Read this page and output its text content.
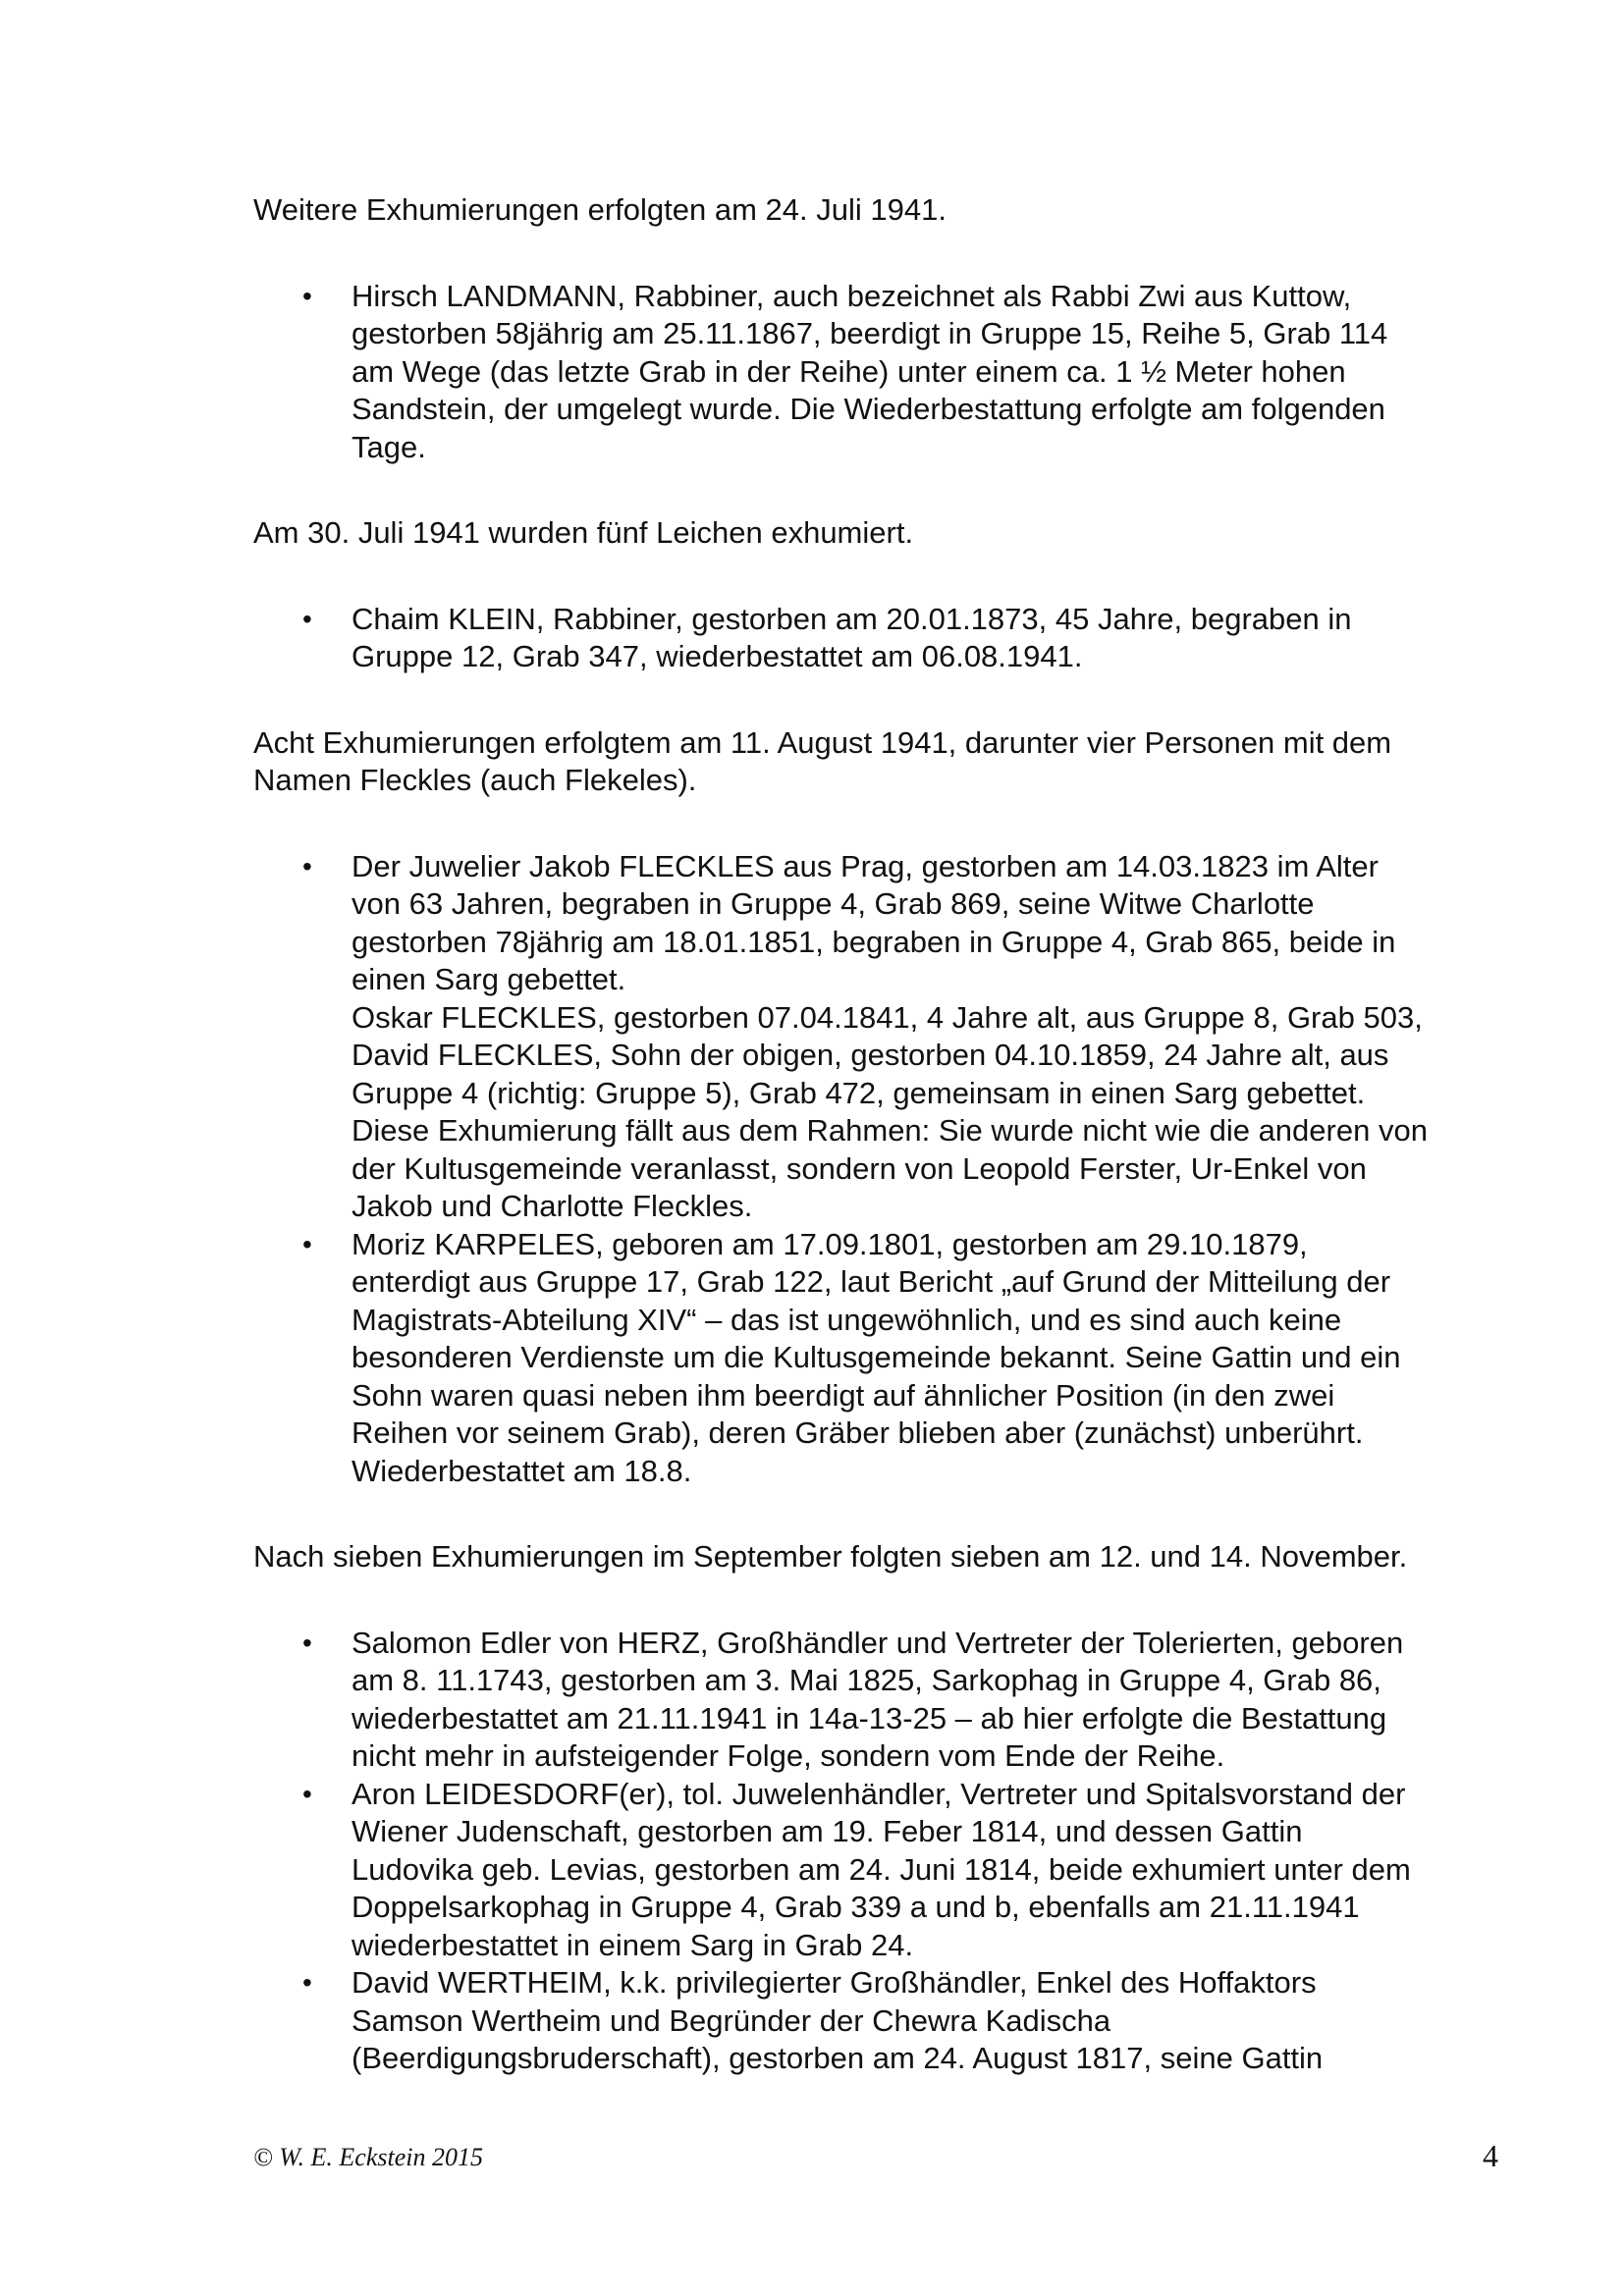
Weitere Exhumierungen erfolgten am 24. Juli 1941.

• Hirsch LANDMANN, Rabbiner, auch bezeichnet als Rabbi Zwi aus Kuttow,
gestorben 58jährig am 25.11.1867, beerdigt in Gruppe 15, Reihe 5, Grab 114
am Wege (das letzte Grab in der Reihe) unter einem ca. 1 ½ Meter hohen
Sandstein, der umgelegt wurde. Die Wiederbestattung erfolgte am folgenden
Tage.

Am 30. Juli 1941 wurden fünf Leichen exhumiert.

• Chaim KLEIN, Rabbiner, gestorben am 20.01.1873, 45 Jahre, begraben in
Gruppe 12, Grab 347, wiederbestattet am 06.08.1941.

Acht Exhumierungen erfolgtem am 11. August 1941, darunter vier Personen mit dem
Namen Fleckles (auch Flekeles).

• Der Juwelier Jakob FLECKLES aus Prag, gestorben am 14.03.1823 im Alter
von 63 Jahren, begraben in Gruppe 4, Grab 869, seine Witwe Charlotte
gestorben 78jährig am 18.01.1851, begraben in Gruppe 4, Grab 865, beide in
einen Sarg gebettet.
Oskar FLECKLES, gestorben 07.04.1841, 4 Jahre alt, aus Gruppe 8, Grab 503,
David FLECKLES, Sohn der obigen, gestorben 04.10.1859, 24 Jahre alt, aus
Gruppe 4 (richtig: Gruppe 5), Grab 472, gemeinsam in einen Sarg gebettet.
Diese Exhumierung fällt aus dem Rahmen: Sie wurde nicht wie die anderen von
der Kultusgemeinde veranlasst, sondern von Leopold Ferster, Ur-Enkel von
Jakob und Charlotte Fleckles.
• Moriz KARPELES, geboren am 17.09.1801, gestorben am 29.10.1879,
enterdigt aus Gruppe 17, Grab 122, laut Bericht „auf Grund der Mitteilung der
Magistrats-Abteilung XIV“ – das ist ungewöhnlich, und es sind auch keine
besonderen Verdienste um die Kultusgemeinde bekannt. Seine Gattin und ein
Sohn waren quasi neben ihm beerdigt auf ähnlicher Position (in den zwei
Reihen vor seinem Grab), deren Gräber blieben aber (zunächst) unberührt.
Wiederbestattet am 18.8.

Nach sieben Exhumierungen im September folgten sieben am 12. und 14. November.

• Salomon Edler von HERZ, Großhändler und Vertreter der Tolerierten, geboren
am 8. 11.1743, gestorben am 3. Mai 1825, Sarkophag in Gruppe 4, Grab 86,
wiederbestattet am 21.11.1941 in 14a-13-25 – ab hier erfolgte die Bestattung
nicht mehr in aufsteigender Folge, sondern vom Ende der Reihe.
• Aron LEIDESDORF(er), tol. Juwelenhändler, Vertreter und Spitalsvorstand der
Wiener Judenschaft, gestorben am 19. Feber 1814, und dessen Gattin
Ludovika geb. Levias, gestorben am 24. Juni 1814, beide exhumiert unter dem
Doppelsarkophag in Gruppe 4, Grab 339 a und b, ebenfalls am 21.11.1941
wiederbestattet in einem Sarg in Grab 24.
• David WERTHEIM, k.k. privilegierter Großhändler, Enkel des Hoffaktors
Samson Wertheim und Begründer der Chewra Kadischa
(Beerdigungsbruderschaft), gestorben am 24. August 1817, seine Gattin
© W. E. Eckstein 2015	4
